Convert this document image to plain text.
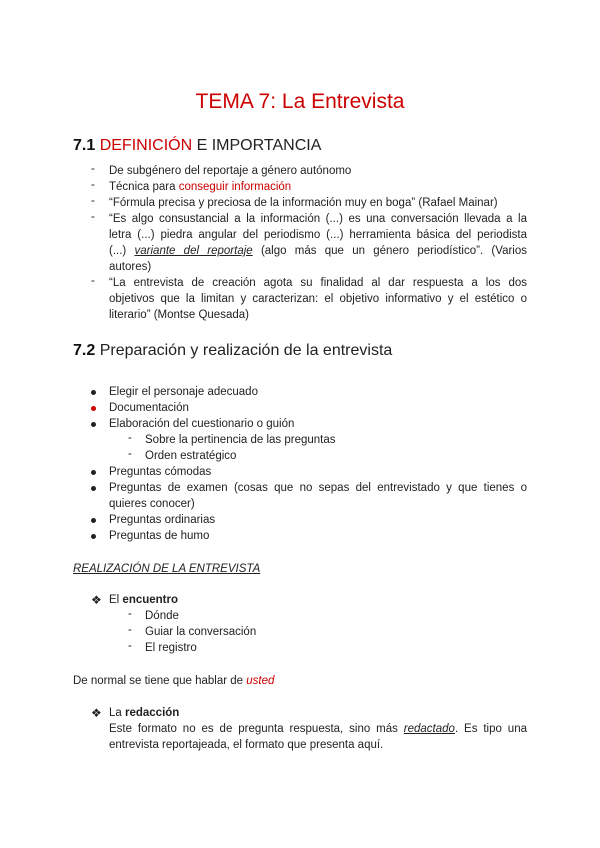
TEMA 7: La Entrevista
7.1 DEFINICIÓN E IMPORTANCIA
- De subgénero del reportaje a género autónomo
- Técnica para conseguir información
- “Fórmula precisa y preciosa de la información muy en boga” (Rafael Mainar)
- “Es algo consustancial a la información (...) es una conversación llevada a la
letra (...) piedra angular del periodismo (...) herramienta básica del periodista
(...) variante del reportaje (algo más que un género periodístico”. (Varios
autores)
- “La entrevista de creación agota su finalidad al dar respuesta a los dos
objetivos que la limitan y caracterizan: el objetivo informativo y el estético o
literario” (Montse Quesada)
7.2 Preparación y realización de la entrevista
Elegir el personaje adecuado
Documentación
Elaboración del cuestionario o guión
- Sobre la pertinencia de las preguntas
- Orden estratégico
Preguntas cómodas
Preguntas de examen (cosas que no sepas del entrevistado y que tienes o
quieres conocer)
Preguntas ordinarias
Preguntas de humo
REALIZACIÓN DE LA ENTREVISTA
❖ El encuentro
- Dónde
- Guiar la conversación
- El registro
De normal se tiene que hablar de usted
❖ La redacción
Este formato no es de pregunta respuesta, sino más redactado. Es tipo una
entrevista reportajeada, el formato que presenta aquí.
